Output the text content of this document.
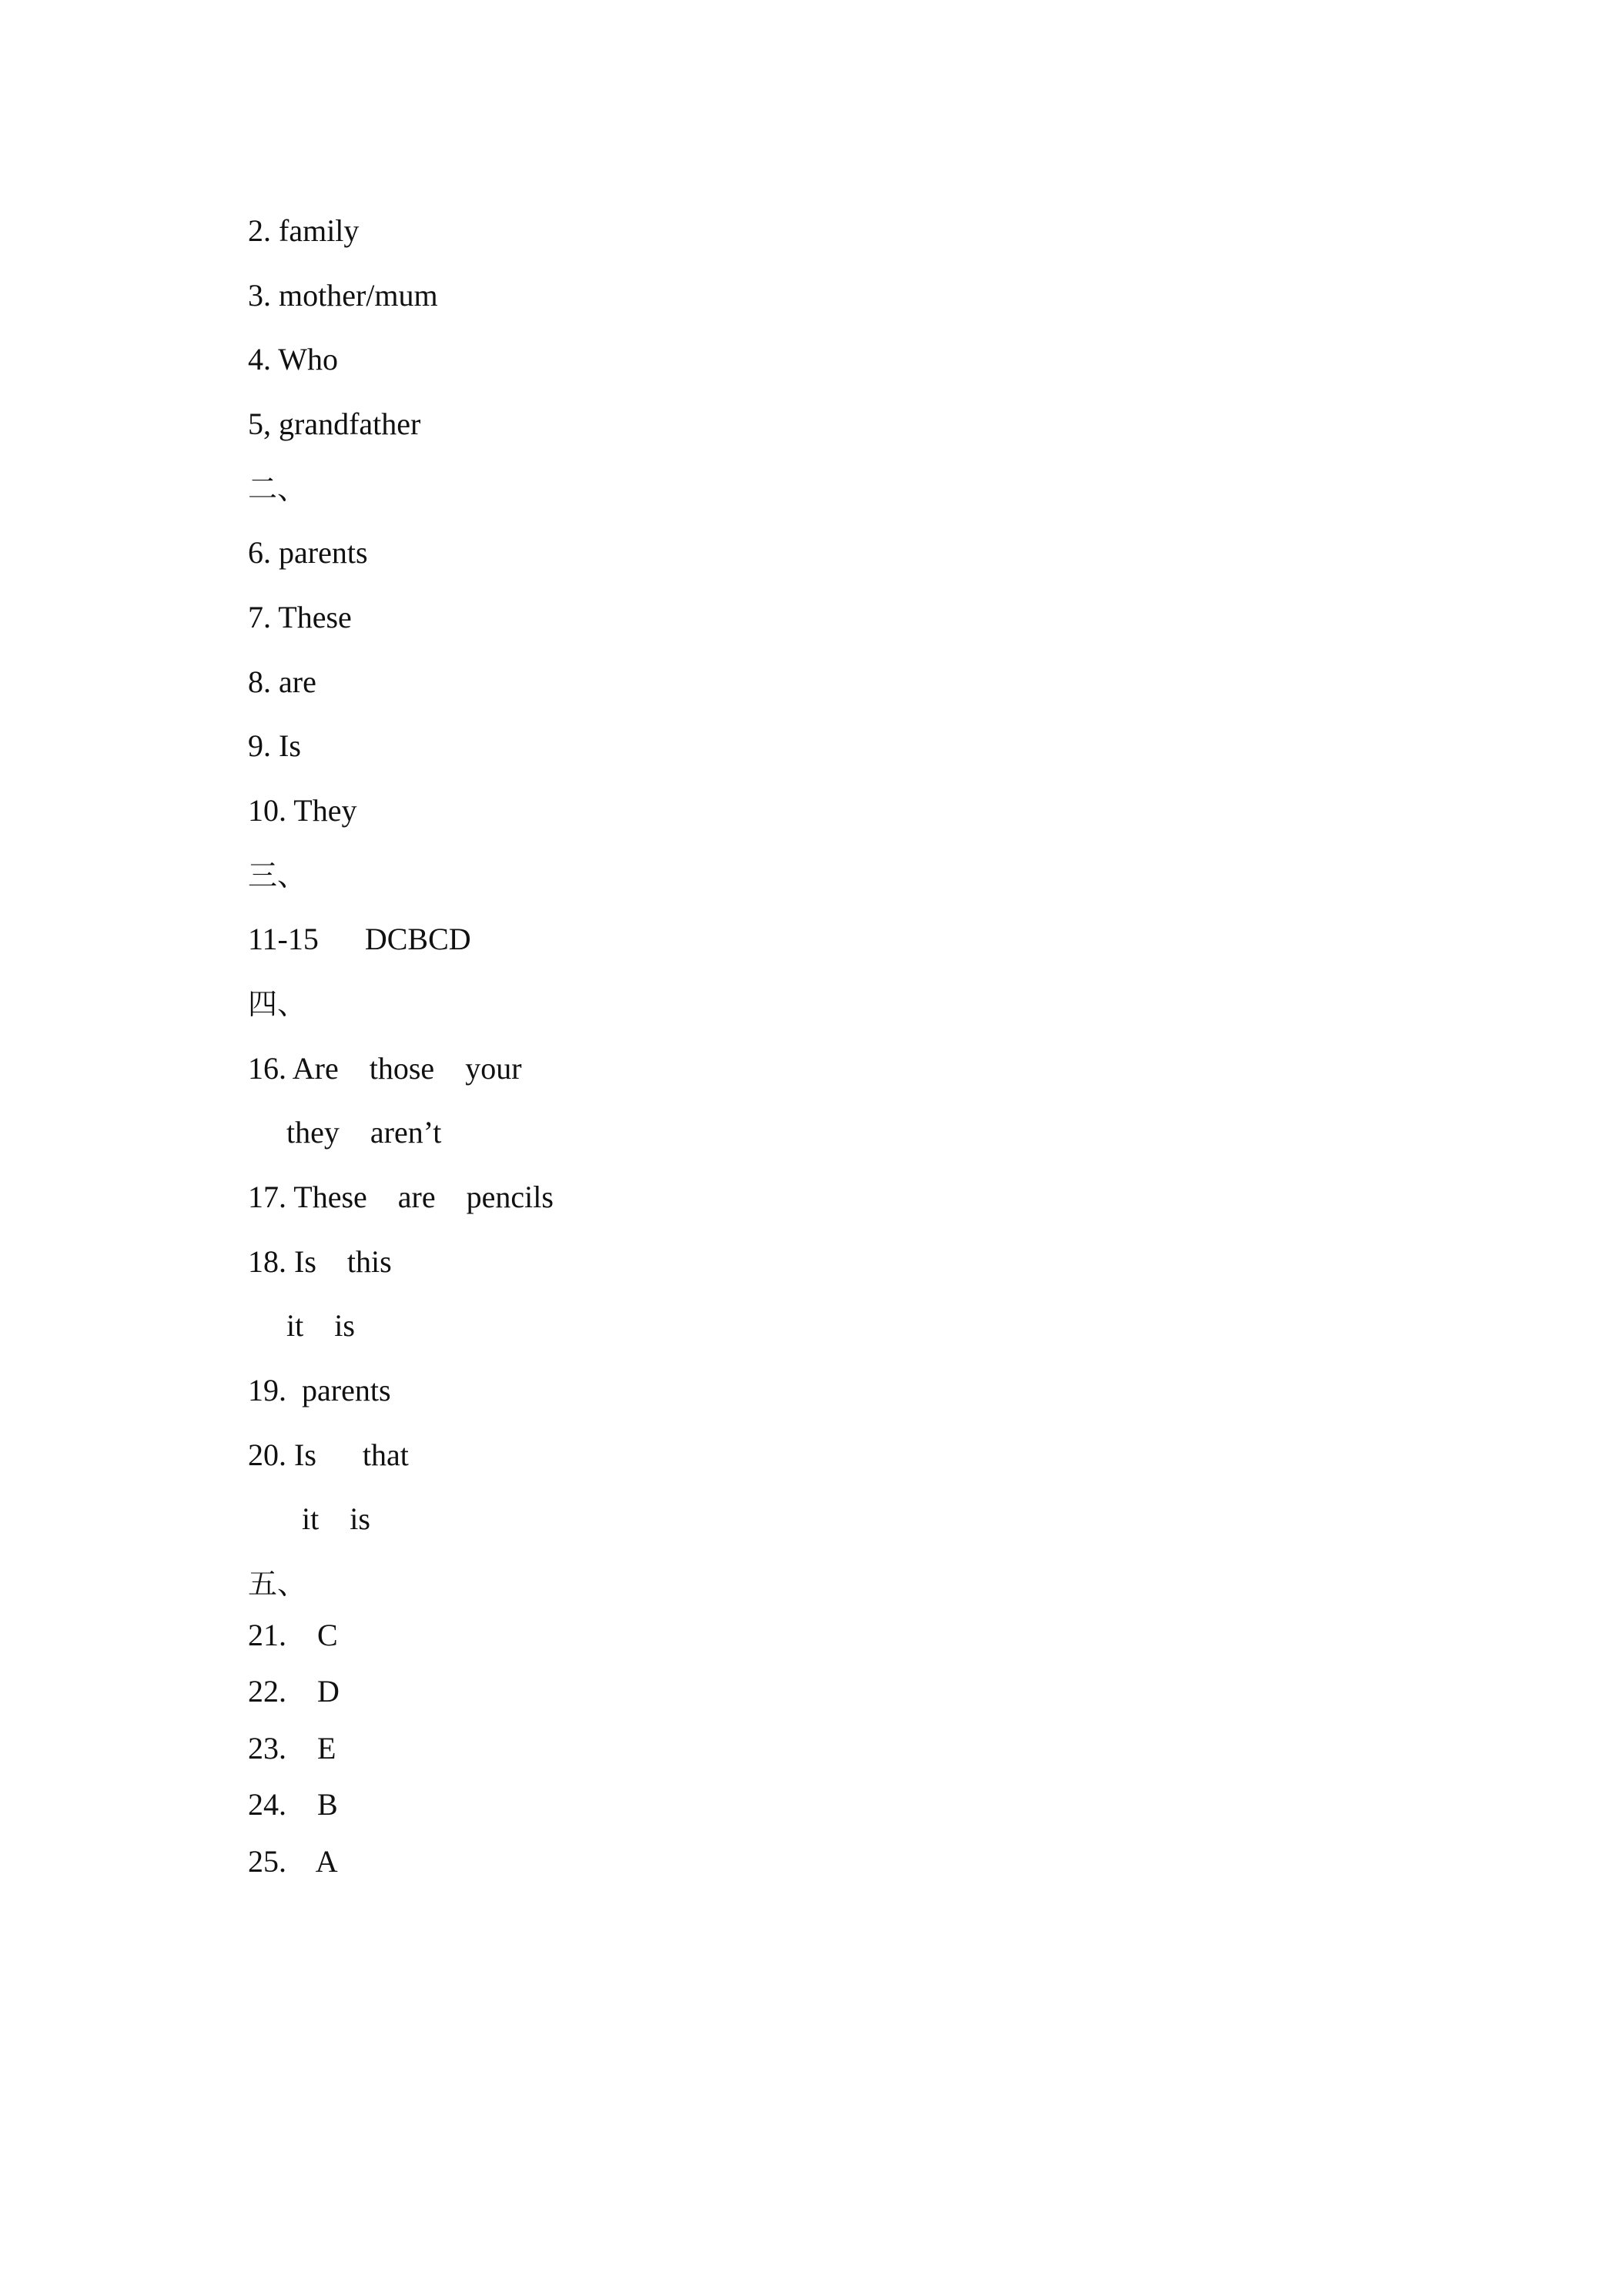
2. family
3. mother/mum
4. Who
5, grandfather
二、
6. parents
7. These
8. are
9. Is
10. They
三、
11-15      DCBCD
四、
16. Are    those    your
they    aren’t
17. These    are    pencils
18. Is    this
it    is
19.  parents
20. Is      that
it    is
五、
21.    C
22.    D
23.    E
24.    B
25.    A
